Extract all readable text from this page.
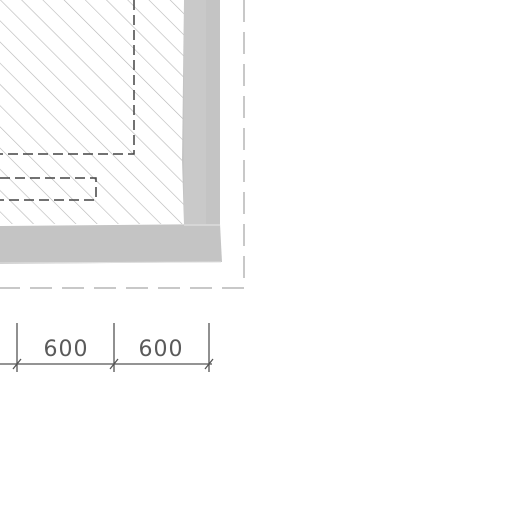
600 600
